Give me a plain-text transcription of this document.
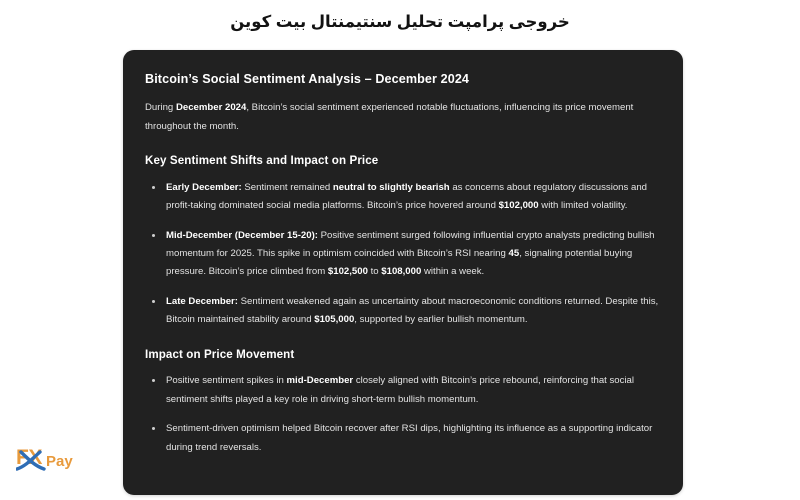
خروجی پرامپت تحلیل سنتیمنتال بیت کوین
Bitcoin’s Social Sentiment Analysis – December 2024

During December 2024, Bitcoin’s social sentiment experienced notable fluctuations, influencing its price movement throughout the month.

Key Sentiment Shifts and Impact on Price
Early December: Sentiment remained neutral to slightly bearish as concerns about regulatory discussions and profit-taking dominated social media platforms. Bitcoin’s price hovered around $102,000 with limited volatility.
Mid-December (December 15-20): Positive sentiment surged following influential crypto analysts predicting bullish momentum for 2025. This spike in optimism coincided with Bitcoin’s RSI nearing 45, signaling potential buying pressure. Bitcoin’s price climbed from $102,500 to $108,000 within a week.
Late December: Sentiment weakened again as uncertainty about macroeconomic conditions returned. Despite this, Bitcoin maintained stability around $105,000, supported by earlier bullish momentum.
Impact on Price Movement
Positive sentiment spikes in mid-December closely aligned with Bitcoin’s price rebound, reinforcing that social sentiment shifts played a key role in driving short-term bullish momentum.
Sentiment-driven optimism helped Bitcoin recover after RSI dips, highlighting its influence as a supporting indicator during trend reversals.
FX Pay
